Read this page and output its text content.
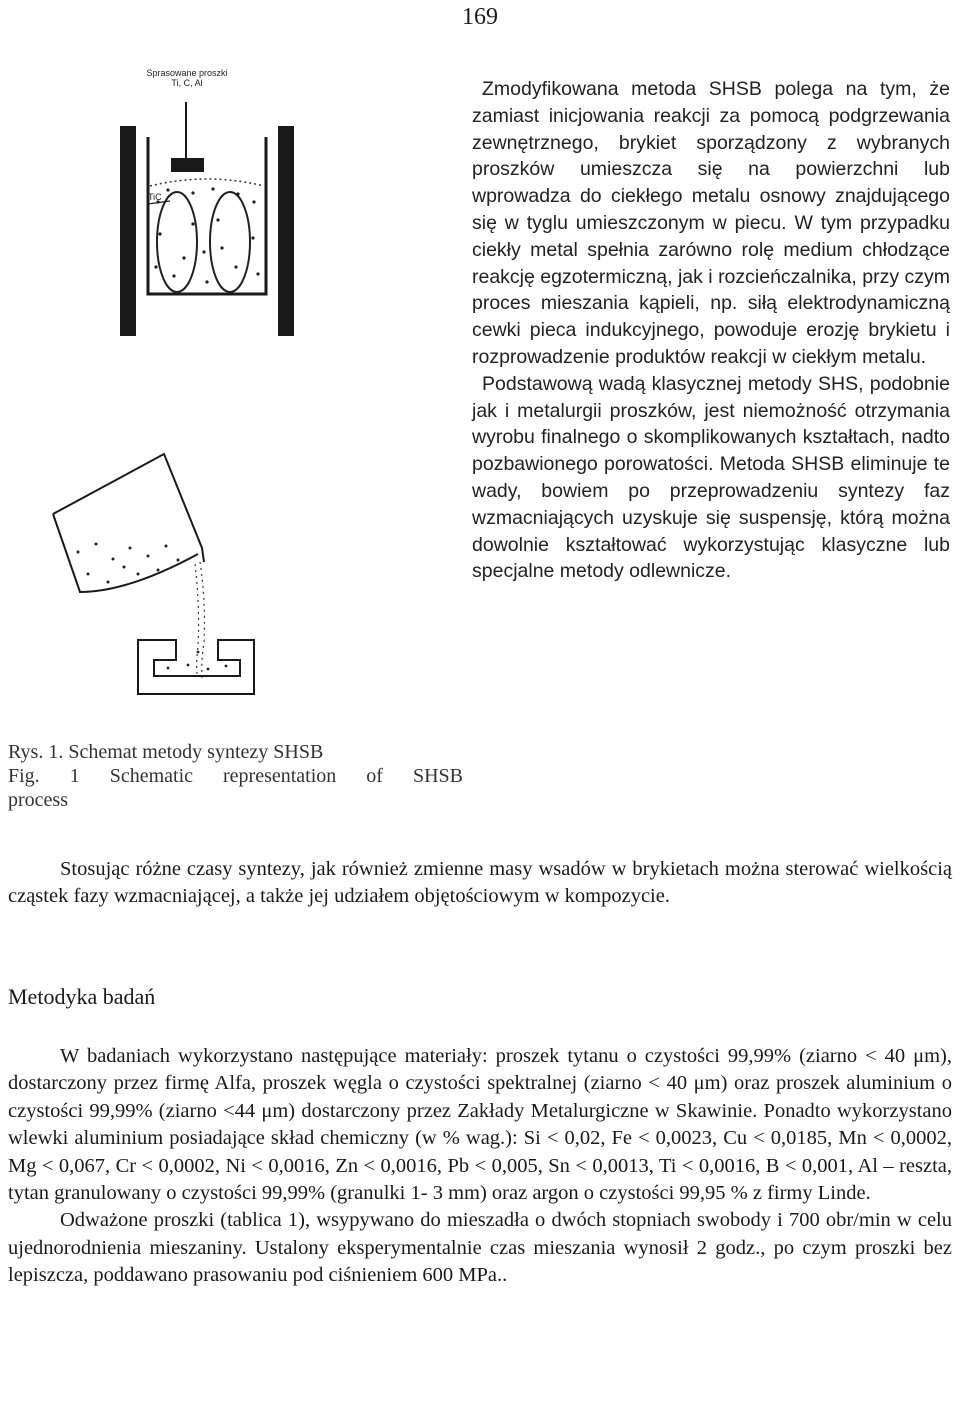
169
Sprasowane proszki
Ti, C, Al
TiC

Rys. 1. Schemat metody syntezy SHSB

Fig. 1 Schematic representation of SHSB

process

Zmodyfikowana metoda SHSB polega na tym, że zamiast inicjowania reakcji za pomocą podgrzewania zewnętrznego, brykiet sporządzony z wybranych proszków umieszcza się na powierzchni lub wprowadza do ciekłego metalu osnowy znajdującego się w tyglu umieszczonym w piecu. W tym przypadku ciekły metal spełnia zarówno rolę medium chłodzące reakcję egzotermiczną, jak i rozcieńczalnika, przy czym proces mieszania kąpieli, np. siłą elektrodynamiczną cewki pieca indukcyjnego, powoduje erozję brykietu i rozprowadzenie produktów reakcji w ciekłym metalu.

Podstawową wadą klasycznej metody SHS, podobnie jak i metalurgii proszków, jest niemożność otrzymania wyrobu finalnego o skomplikowanych kształtach, nadto pozbawionego porowatości. Metoda SHSB eliminuje te wady, bowiem po przeprowadzeniu syntezy faz wzmacniających uzyskuje się suspensję, którą można dowolnie kształtować wykorzystując klasyczne lub specjalne metody odlewnicze.

Stosując różne czasy syntezy, jak również zmienne masy wsadów w brykietach można sterować wielkością cząstek fazy wzmacniającej, a także jej udziałem objętościowym w kompozycie.

Metodyka badań

W badaniach wykorzystano następujące materiały: proszek tytanu o czystości 99,99% (ziarno < 40 μm), dostarczony przez firmę Alfa, proszek węgla o czystości spektralnej (ziarno < 40 μm) oraz proszek aluminium o czystości 99,99% (ziarno <44 μm) dostarczony przez Zakłady Metalurgiczne w Skawinie. Ponadto wykorzystano wlewki aluminium posiadające skład chemiczny (w % wag.): Si < 0,02, Fe < 0,0023, Cu < 0,0185, Mn < 0,0002, Mg < 0,067, Cr < 0,0002, Ni < 0,0016, Zn < 0,0016, Pb < 0,005, Sn < 0,0013, Ti < 0,0016, B < 0,001, Al – reszta, tytan granulowany o czystości 99,99% (granulki 1- 3 mm) oraz argon o czystości 99,95 % z firmy Linde.

Odważone proszki (tablica 1), wsypywano do mieszadła o dwóch stopniach swobody i 700 obr/min w celu ujednorodnienia mieszaniny. Ustalony eksperymentalnie czas mieszania wynosił 2 godz., po czym proszki bez lepiszcza, poddawano prasowaniu pod ciśnieniem 600 MPa..
